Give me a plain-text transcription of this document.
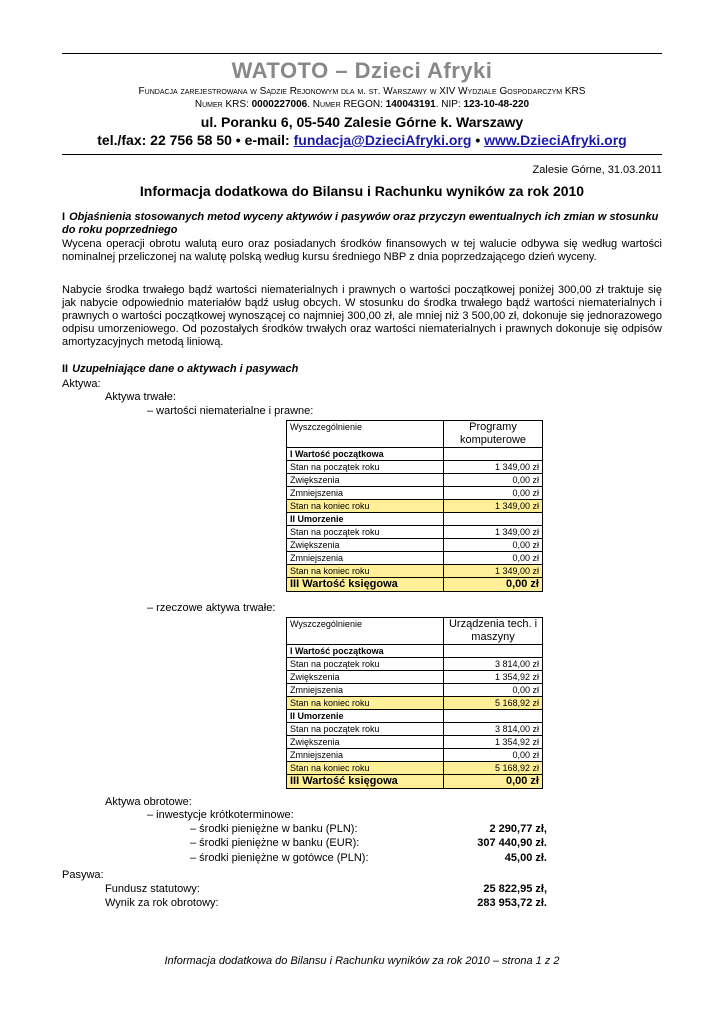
WATOTO – Dzieci Afryki
Fundacja zarejestrowana w Sądzie Rejonowym dla m. st. Warszawy w XIV Wydziale Gospodarczym KRS
Numer KRS: 0000227006. Numer REGON: 140043191. NIP: 123-10-48-220
ul. Poranku 6, 05-540 Zalesie Górne k. Warszawy
tel./fax: 22 756 58 50 • e-mail: fundacja@DzieciAfryki.org • www.DzieciAfryki.org
Zalesie Górne, 31.03.2011
Informacja dodatkowa do Bilansu i Rachunku wyników za rok 2010
I Objaśnienia stosowanych metod wyceny aktywów i pasywów oraz przyczyn ewentualnych ich zmian w stosunku do roku poprzedniego
Wycena operacji obrotu walutą euro oraz posiadanych środków finansowych w tej walucie odbywa się według wartości nominalnej przeliczonej na walutę polską według kursu średniego NBP z dnia poprzedzającego dzień wyceny.
Nabycie środka trwałego bądź wartości niematerialnych i prawnych o wartości początkowej poniżej 300,00 zł traktuje się jak nabycie odpowiednio materiałów bądź usług obcych. W stosunku do środka trwałego bądź wartości niematerialnych i prawnych o wartości początkowej wynoszącej co najmniej 300,00 zł, ale mniej niż 3 500,00 zł, dokonuje się jednorazowego odpisu umorzeniowego. Od pozostałych środków trwałych oraz wartości niematerialnych i prawnych dokonuje się odpisów amortyzacyjnych metodą liniową.
II Uzupełniające dane o aktywach i pasywach
Aktywa:
Aktywa trwałe:
– wartości niematerialne i prawne:
Wyszczególnienie	Programy komputerowe
I Wartość początkowa	
Stan na początek roku	1 349,00 zł
Zwiększenia	0,00 zł
Zmniejszenia	0,00 zł
Stan na koniec roku	1 349,00 zł
II Umorzenie	
Stan na początek roku	1 349,00 zł
Zwiększenia	0,00 zł
Zmniejszenia	0,00 zł
Stan na koniec roku	1 349,00 zł
III Wartość księgowa	0,00 zł
– rzeczowe aktywa trwałe:
Wyszczególnienie	Urządzenia tech. i maszyny
I Wartość początkowa	
Stan na początek roku	3 814,00 zł
Zwiększenia	1 354,92 zł
Zmniejszenia	0,00 zł
Stan na koniec roku	5 168,92 zł
II Umorzenie	
Stan na początek roku	3 814,00 zł
Zwiększenia	1 354,92 zł
Zmniejszenia	0,00 zł
Stan na koniec roku	5 168,92 zł
III Wartość księgowa	0,00 zł
Aktywa obrotowe:
– inwestycje krótkoterminowe:
– środki pieniężne w banku (PLN):	2 290,77 zł,
– środki pieniężne w banku (EUR):	307 440,90 zł.
– środki pieniężne w gotówce (PLN):	45,00 zł.
Pasywa:
Fundusz statutowy:	25 822,95 zł,
Wynik za rok obrotowy:	283 953,72 zł.
Informacja dodatkowa do Bilansu i Rachunku wyników za rok 2010 – strona 1 z 2
